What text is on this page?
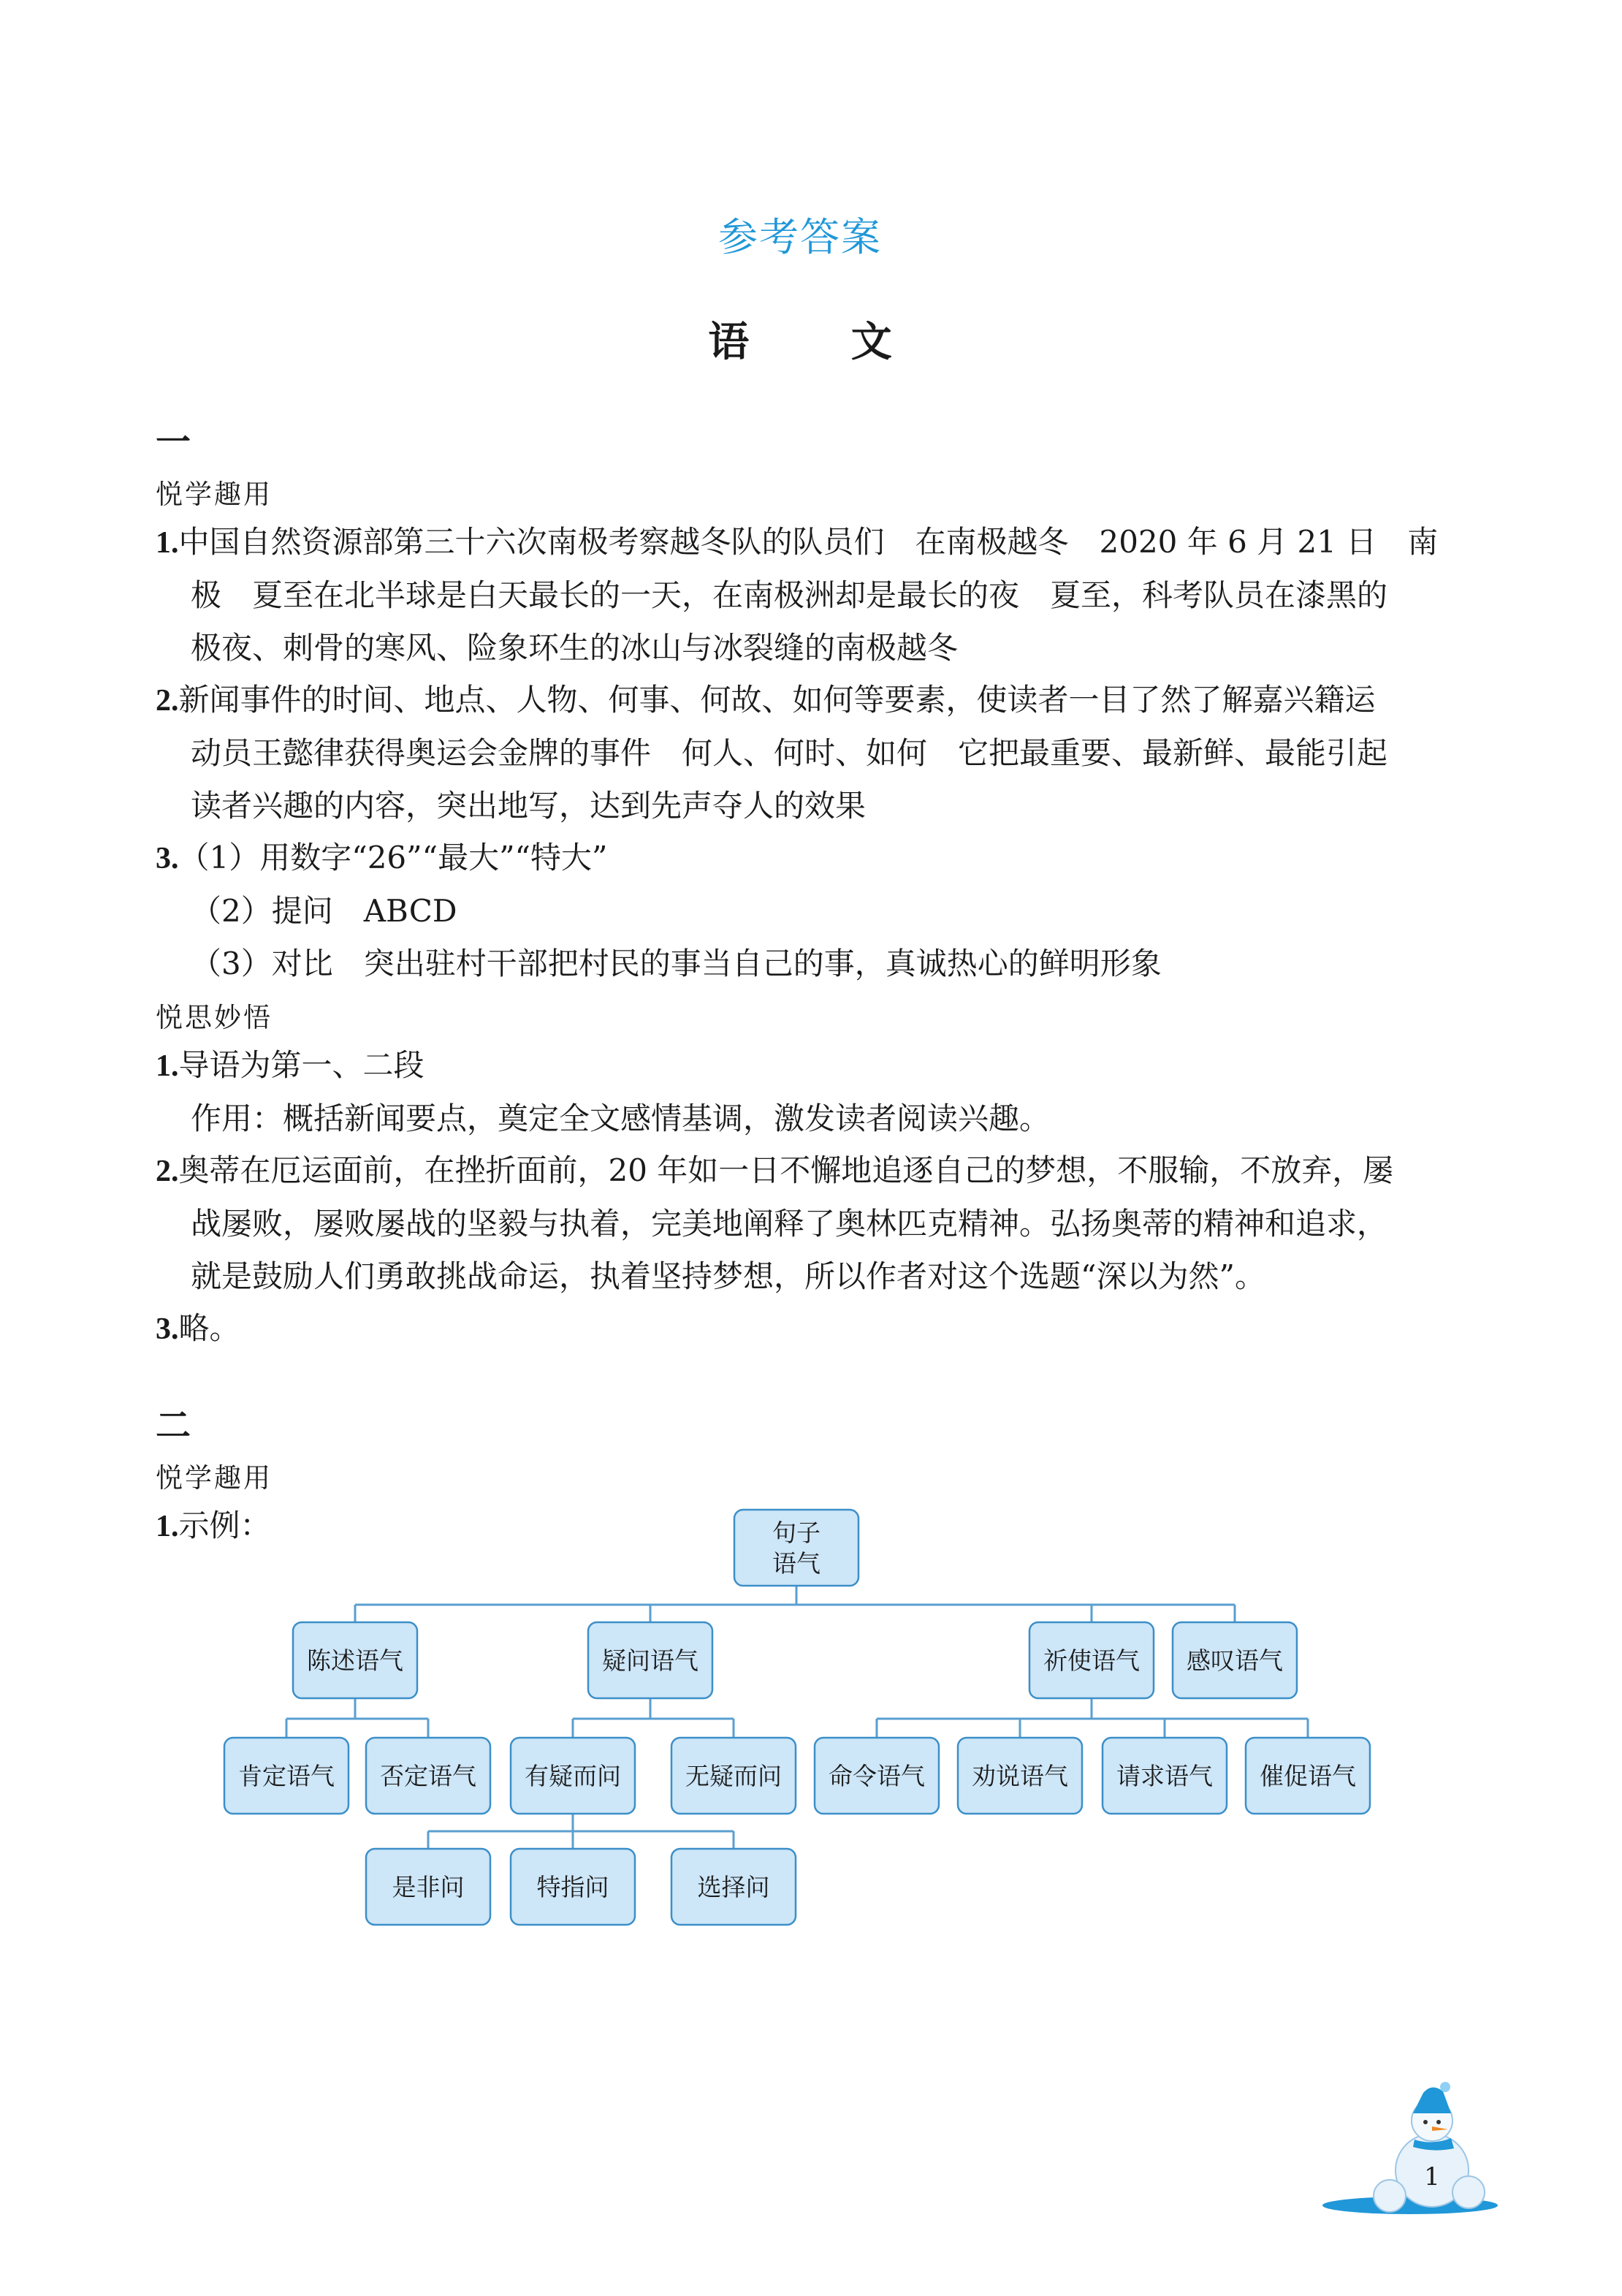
参考答案
语 文
一
悦学趣用
1.中国自然资源部第三十六次南极考察越冬队的队员们　在南极越冬　2020 年 6 月 21 日　南
极　夏至在北半球是白天最长的一天，在南极洲却是最长的夜　夏至，科考队员在漆黑的
极夜、刺骨的寒风、险象环生的冰山与冰裂缝的南极越冬
2.新闻事件的时间、地点、人物、何事、何故、如何等要素，使读者一目了然了解嘉兴籍运
动员王懿律获得奥运会金牌的事件　何人、何时、如何　它把最重要、最新鲜、最能引起
读者兴趣的内容，突出地写，达到先声夺人的效果
3.（1）用数字“26”“最大”“特大”
（2）提问　ABCD
（3）对比　突出驻村干部把村民的事当自己的事，真诚热心的鲜明形象
悦思妙悟
1.导语为第一、二段
作用：概括新闻要点，奠定全文感情基调，激发读者阅读兴趣。
2.奥蒂在厄运面前，在挫折面前，20 年如一日不懈地追逐自己的梦想，不服输，不放弃，屡
战屡败，屡败屡战的坚毅与执着，完美地阐释了奥林匹克精神。弘扬奥蒂的精神和追求，
就是鼓励人们勇敢挑战命运，执着坚持梦想，所以作者对这个选题“深以为然”。
3.略。
二
悦学趣用
1.示例：	句子
语气
陈述语气	疑问语气	祈使语气 感叹语气
肯定语气 否定语气 有疑而问	无疑而问 命令语气 劝说语气 请求语气 催促语气
是非问	特指问	选择问
1
